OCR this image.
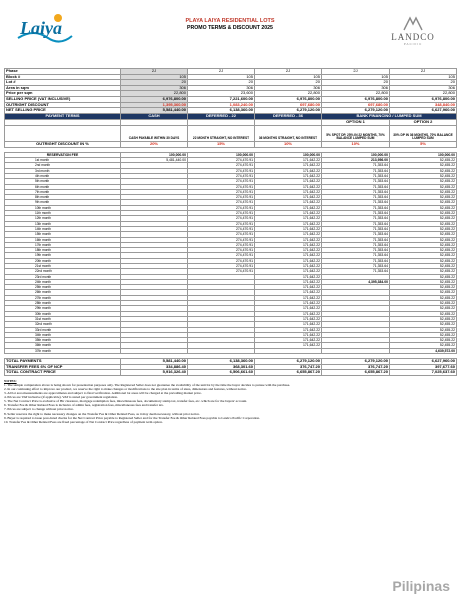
Laiya	PLAYA LAIYA RESIDENTIAL LOTS
PROMO TERMS & DISCOUNT 2025
LANDCO
PACIFIC
Phase	2J	2J	2J	2J	2J
Block #	105	105	105	105	105
Lot #	20	20	20	20	20
Area in sqm	306	306	306	306	306
Price per sqm	22,800	23,600	22,800	22,800	22,800
SELLING PRICE (VAT INCLUSIVE)	6,976,800.00	7,221,600.00	6,976,800.00	6,976,800.00	6,976,800.00
OUTRIGHT DISCOUNT	1,395,360.00	1,083,240.00	697,680.00	697,680.00	348,840.00
NET SELLING PRICE	5,581,440.00	6,138,360.00	6,279,120.00	6,279,120.00	6,627,960.00
PAYMENT TERMS	CASH	DEFERRED - 22	DEFERRED - 36	BANK FINANCING / LUMPED SUM	
				OPTION 1	OPTION 2
	CASH PAYABLE WITHIN 30 DAYS	22 MONTH STRAIGHT, NO INTEREST	36 MONTHS STRAIGHT, NO INTEREST	5% SPOT DP, 25% IN 22 MONTHS, 70% BALANCE LUMPED SUM	30% DP IN 36 MONTHS, 70% BALANCE LUMPED SUM
OUTRIGHT DISCOUNT IN %	20%	15%	10%	10%	5%

RESERVATION FEE	100,000.00	100,000.00	100,000.00	100,000.00	100,000.00
1st month	5,481,440.00	274,470.91	171,642.22	213,956.00	52,455.22
2nd month		274,470.91	171,642.22	71,353.64	52,455.22
3rd month		274,470.91	171,642.22	71,353.64	52,455.22
4th month		274,470.91	171,642.22	71,353.64	52,455.22
5th month		274,470.91	171,642.22	71,353.64	52,455.22
6th month		274,470.91	171,642.22	71,353.64	52,455.22
7th month		274,470.91	171,642.22	71,353.64	52,455.22
8th month		274,470.91	171,642.22	71,353.64	52,455.22
9th month		274,470.91	171,642.22	71,353.64	52,455.22
10th month		274,470.91	171,642.22	71,353.64	52,455.22
11th month		274,470.91	171,642.22	71,353.64	52,455.22
12th month		274,470.91	171,642.22	71,353.64	52,455.22
13th month		274,470.91	171,642.22	71,353.64	52,455.22
14th month		274,470.91	171,642.22	71,353.64	52,455.22
15th month		274,470.91	171,642.22	71,353.64	52,455.22
16th month		274,470.91	171,642.22	71,353.64	52,455.22
17th month		274,470.91	171,642.22	71,353.64	52,455.22
18th month		274,470.91	171,642.22	71,353.64	52,455.22
19th month		274,470.91	171,642.22	71,353.64	52,455.22
20th month		274,470.91	171,642.22	71,353.64	52,455.22
21st month		274,470.91	171,642.22	71,353.64	52,455.22
22nd month		274,470.91	171,642.22	71,353.64	52,455.22
23rd month			171,642.22		52,455.22
24th month			171,642.22	4,395,384.00	52,455.22
25th month			171,642.22		52,455.22
26th month			171,642.22		52,455.22
27th month			171,642.22		52,455.22
28th month			171,642.22		52,455.22
29th month			171,642.22		52,455.22
30th month			171,642.22		52,455.22
31st month			171,642.22		52,455.22
32nd month			171,642.22		52,455.22
33rd month			171,642.22		52,455.22
34th month			171,642.22		52,455.22
35th month			171,642.22		52,455.22
36th month			171,642.22		52,455.22
37th month					4,639,572.00

TOTAL PAYMENTS	5,581,440.00	6,138,360.00	6,279,120.00	6,279,120.00	6,627,960.00
TRANSFER FEES 6% OF NCP	334,886.40	368,301.60	376,747.20	376,747.20	397,677.60
TOTAL CONTRACT PRICE	5,916,326.40	6,506,661.60	6,655,867.20	6,655,867.20	7,025,637.60
NOTES:
1. The sample computation above is being shown for presentation purposes only. The Registered Seller does not guarantee the availability of the unit/lot by the time the buyer decides to pursue with the purchase.
2. In our continuing effort to improve our product, we reserve the right to make changes or modifications to the site plan in terms of sizes, dimensions and features, without notice.
3. All lot area measurements are approximates and subject to final verification. Additional lot areas will be charged at the prevailing market price.
4. Prices are VAT inclusive (if applicable). VAT is stated per government regulation.
5. The Net Contract Price is exclusive of Bir clearance, mortgage redemption fees, miscellaneous fees, documentary stamp tax, transfer fees, etc. which are for the buyers' account.
6. Transfer Fee & Other Related Fees is inclusive of admin fees, registration fees, miscellaneous fees and transfer tax.
7. Prices are subject to change without prior notice.
8. Seller reserves the right to make necessary changes on the Transfer Fee & Other Related Fees, as it may deem necessary, without prior notice.
9. Buyer is required to issue post-dated checks for the Net Contract Price payable to Registered Seller and for the Transfer Fee & Other Related Fees payable to Landco Pacific Corporation.
10. Transfer Fee & Other Related Fees are fixed percentage of Net Contract Price regardless of payment term option.
Pilipinas
